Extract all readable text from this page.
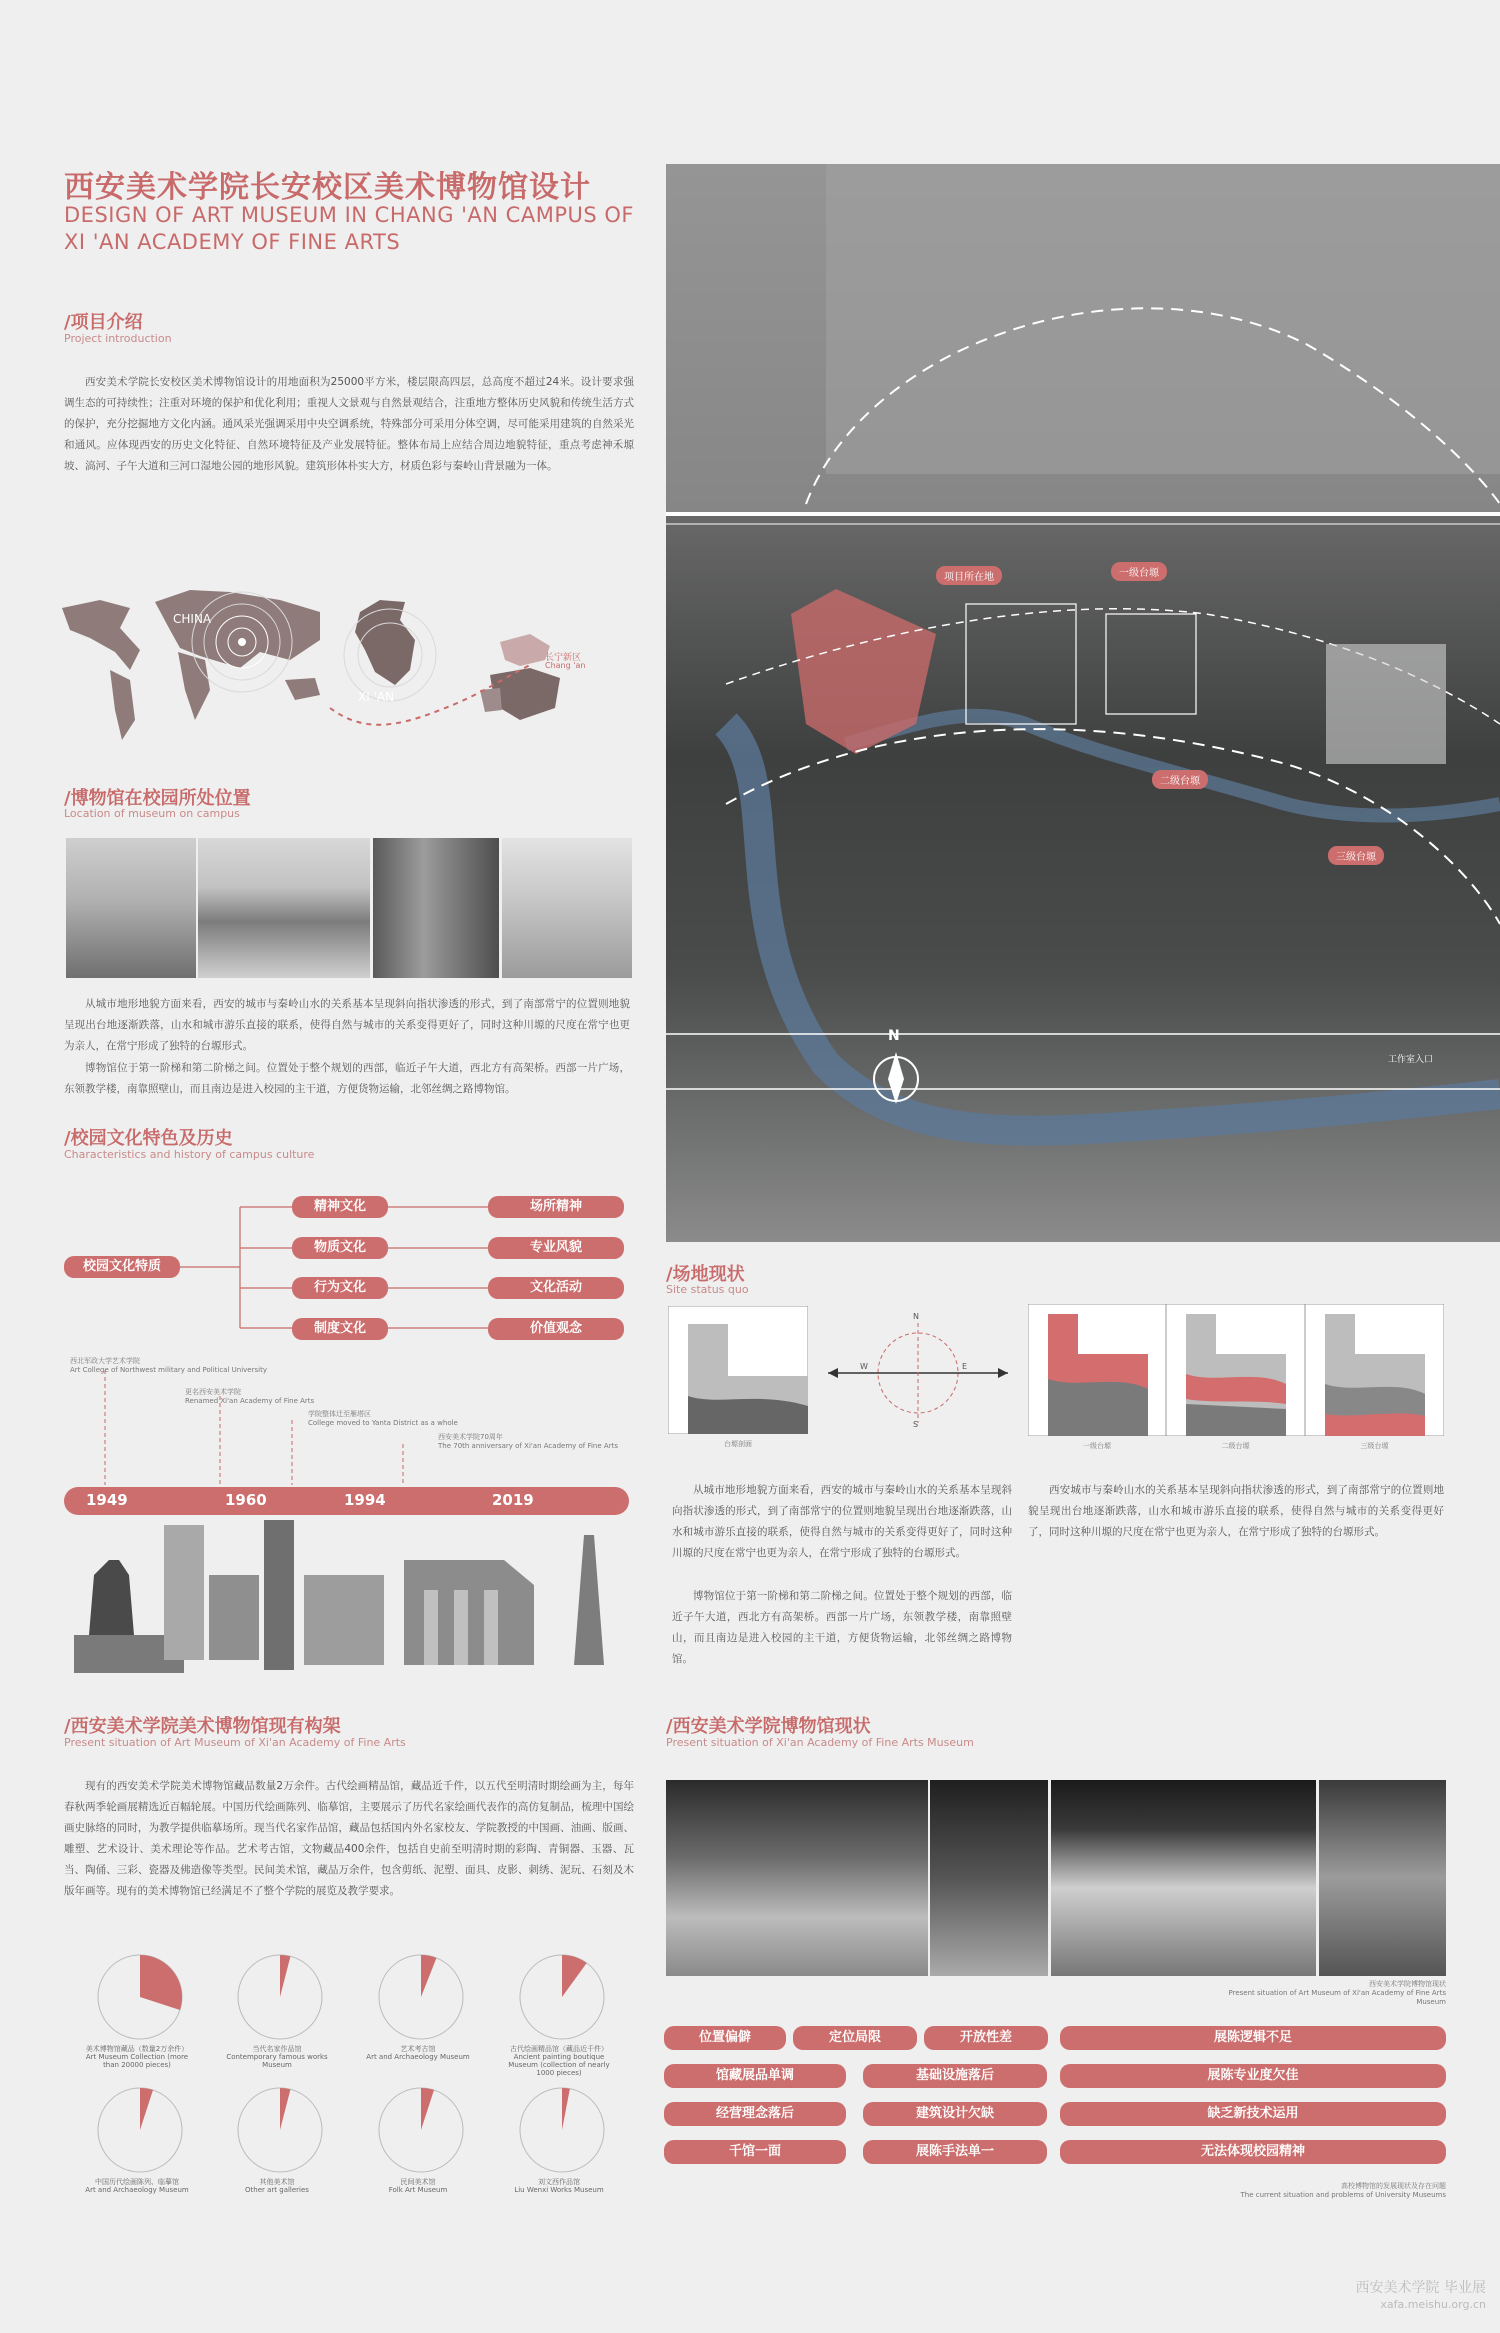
西安美术学院长安校区美术博物馆设计
DESIGN OF ART MUSEUM IN CHANG 'AN CAMPUS OF
XI 'AN ACADEMY OF FINE ARTS
/项目介绍
Project introduction
西安美术学院长安校区美术博物馆设计的用地面积为25000平方米，楼层限高四层，总高度不超过24米。设计要求强调生态的可持续性；注重对环境的保护和优化利用；重视人文景观与自然景观结合，注重地方整体历史风貌和传统生活方式的保护，充分挖掘地方文化内涵。通风采光强调采用中央空调系统，特殊部分可采用分体空调，尽可能采用建筑的自然采光和通风。应体现西安的历史文化特征、自然环境特征及产业发展特征。整体布局上应结合周边地貌特征，重点考虑神禾塬坡、滈河、子午大道和三河口湿地公园的地形风貌。建筑形体朴实大方，材质色彩与秦岭山背景融为一体。
CHINA
XI 'AN
长宁新区
Chang 'an
/博物馆在校园所处位置
Location of museum on campus
从城市地形地貌方面来看，西安的城市与秦岭山水的关系基本呈现斜向指状渗透的形式，到了南部常宁的位置则地貌呈现出台地逐渐跌落，山水和城市游乐直接的联系，使得自然与城市的关系变得更好了，同时这种川塬的尺度在常宁也更为亲人，在常宁形成了独特的台塬形式。
博物馆位于第一阶梯和第二阶梯之间。位置处于整个规划的西部，临近子午大道，西北方有高架桥。西部一片广场，东领教学楼，南靠照壁山，而且南边是进入校园的主干道，方便货物运输，北邻丝绸之路博物馆。
/校园文化特色及历史
Characteristics and history of campus culture
校园文化特质
精神文化
物质文化
行为文化
制度文化
场所精神
专业风貌
文化活动
价值观念
西北军政大学艺术学院
Art College of Northwest military and Political University
更名西安美术学院
Renamed Xi'an Academy of Fine Arts
学院整体迁至雁塔区
College moved to Yanta District as a whole
西安美术学院70周年
The 70th anniversary of Xi'an Academy of Fine Arts
1949	1960	1994	2019
/西安美术学院美术博物馆现有构架
Present situation of Art Museum of Xi'an Academy of Fine Arts
现有的西安美术学院美术博物馆藏品数量2万余件。古代绘画精品馆，藏品近千件，以五代至明清时期绘画为主，每年春秋两季轮画展精选近百幅轮展。中国历代绘画陈列、临摹馆，主要展示了历代名家绘画代表作的高仿复制品，梳理中国绘画史脉络的同时，为教学提供临摹场所。现当代名家作品馆，藏品包括国内外名家校友、学院教授的中国画、油画、版画、雕塑、艺术设计、美术理论等作品。艺术考古馆，文物藏品400余件，包括自史前至明清时期的彩陶、青铜器、玉器、瓦当、陶俑、三彩、瓷器及佛造像等类型。民间美术馆，藏品万余件，包含剪纸、泥塑、面具、皮影、刺绣、泥玩、石刻及木版年画等。现有的美术博物馆已经满足不了整个学院的展览及教学要求。
美术博物馆藏品（数量2万余件）
Art Museum Collection (more than 20000 pieces)
当代名家作品馆
Contemporary famous works Museum
艺术考古馆
Art and Archaeology Museum
古代绘画精品馆（藏品近千件）
Ancient painting boutique Museum (collection of nearly 1000 pieces)
中国历代绘画陈列、临摹馆
Art and Archaeology Museum
其他美术馆
Other art galleries
民间美术馆
Folk Art Museum
刘文西作品馆
Liu Wenxi Works Museum
项目所在地	一级台塬
二级台塬
三级台塬
N
工作室入口
/场地现状
Site status quo
台塬剖面
N
S
W	E
一级台塬	二级台塬	三级台塬
从城市地形地貌方面来看，西安的城市与秦岭山水的关系基本呈现斜向指状渗透的形式，到了南部常宁的位置则地貌呈现出台地逐渐跌落，山水和城市游乐直接的联系，使得自然与城市的关系变得更好了，同时这种川塬的尺度在常宁也更为亲人，在常宁形成了独特的台塬形式。
博物馆位于第一阶梯和第二阶梯之间。位置处于整个规划的西部，临近子午大道，西北方有高架桥。西部一片广场，东领教学楼，南靠照壁山，而且南边是进入校园的主干道，方便货物运输，北邻丝绸之路博物馆。
西安城市与秦岭山水的关系基本呈现斜向指状渗透的形式，到了南部常宁的位置则地貌呈现出台地逐渐跌落，山水和城市游乐直接的联系，使得自然与城市的关系变得更好了，同时这种川塬的尺度在常宁也更为亲人，在常宁形成了独特的台塬形式。
/西安美术学院博物馆现状
Present situation of Xi'an Academy of Fine Arts Museum
西安美术学院博物馆现状
Present situation of Art Museum of Xi'an Academy of Fine Arts Museum
位置偏僻	定位局限	开放性差	展陈逻辑不足
馆藏展品单调	基础设施落后	展陈专业度欠佳
经营理念落后	建筑设计欠缺	缺乏新技术运用
千馆一面	展陈手法单一	无法体现校园精神
高校博物馆的发展现状及存在问题
The current situation and problems of University Museums
西安美术学院 毕业展
xafa.meishu.org.cn
